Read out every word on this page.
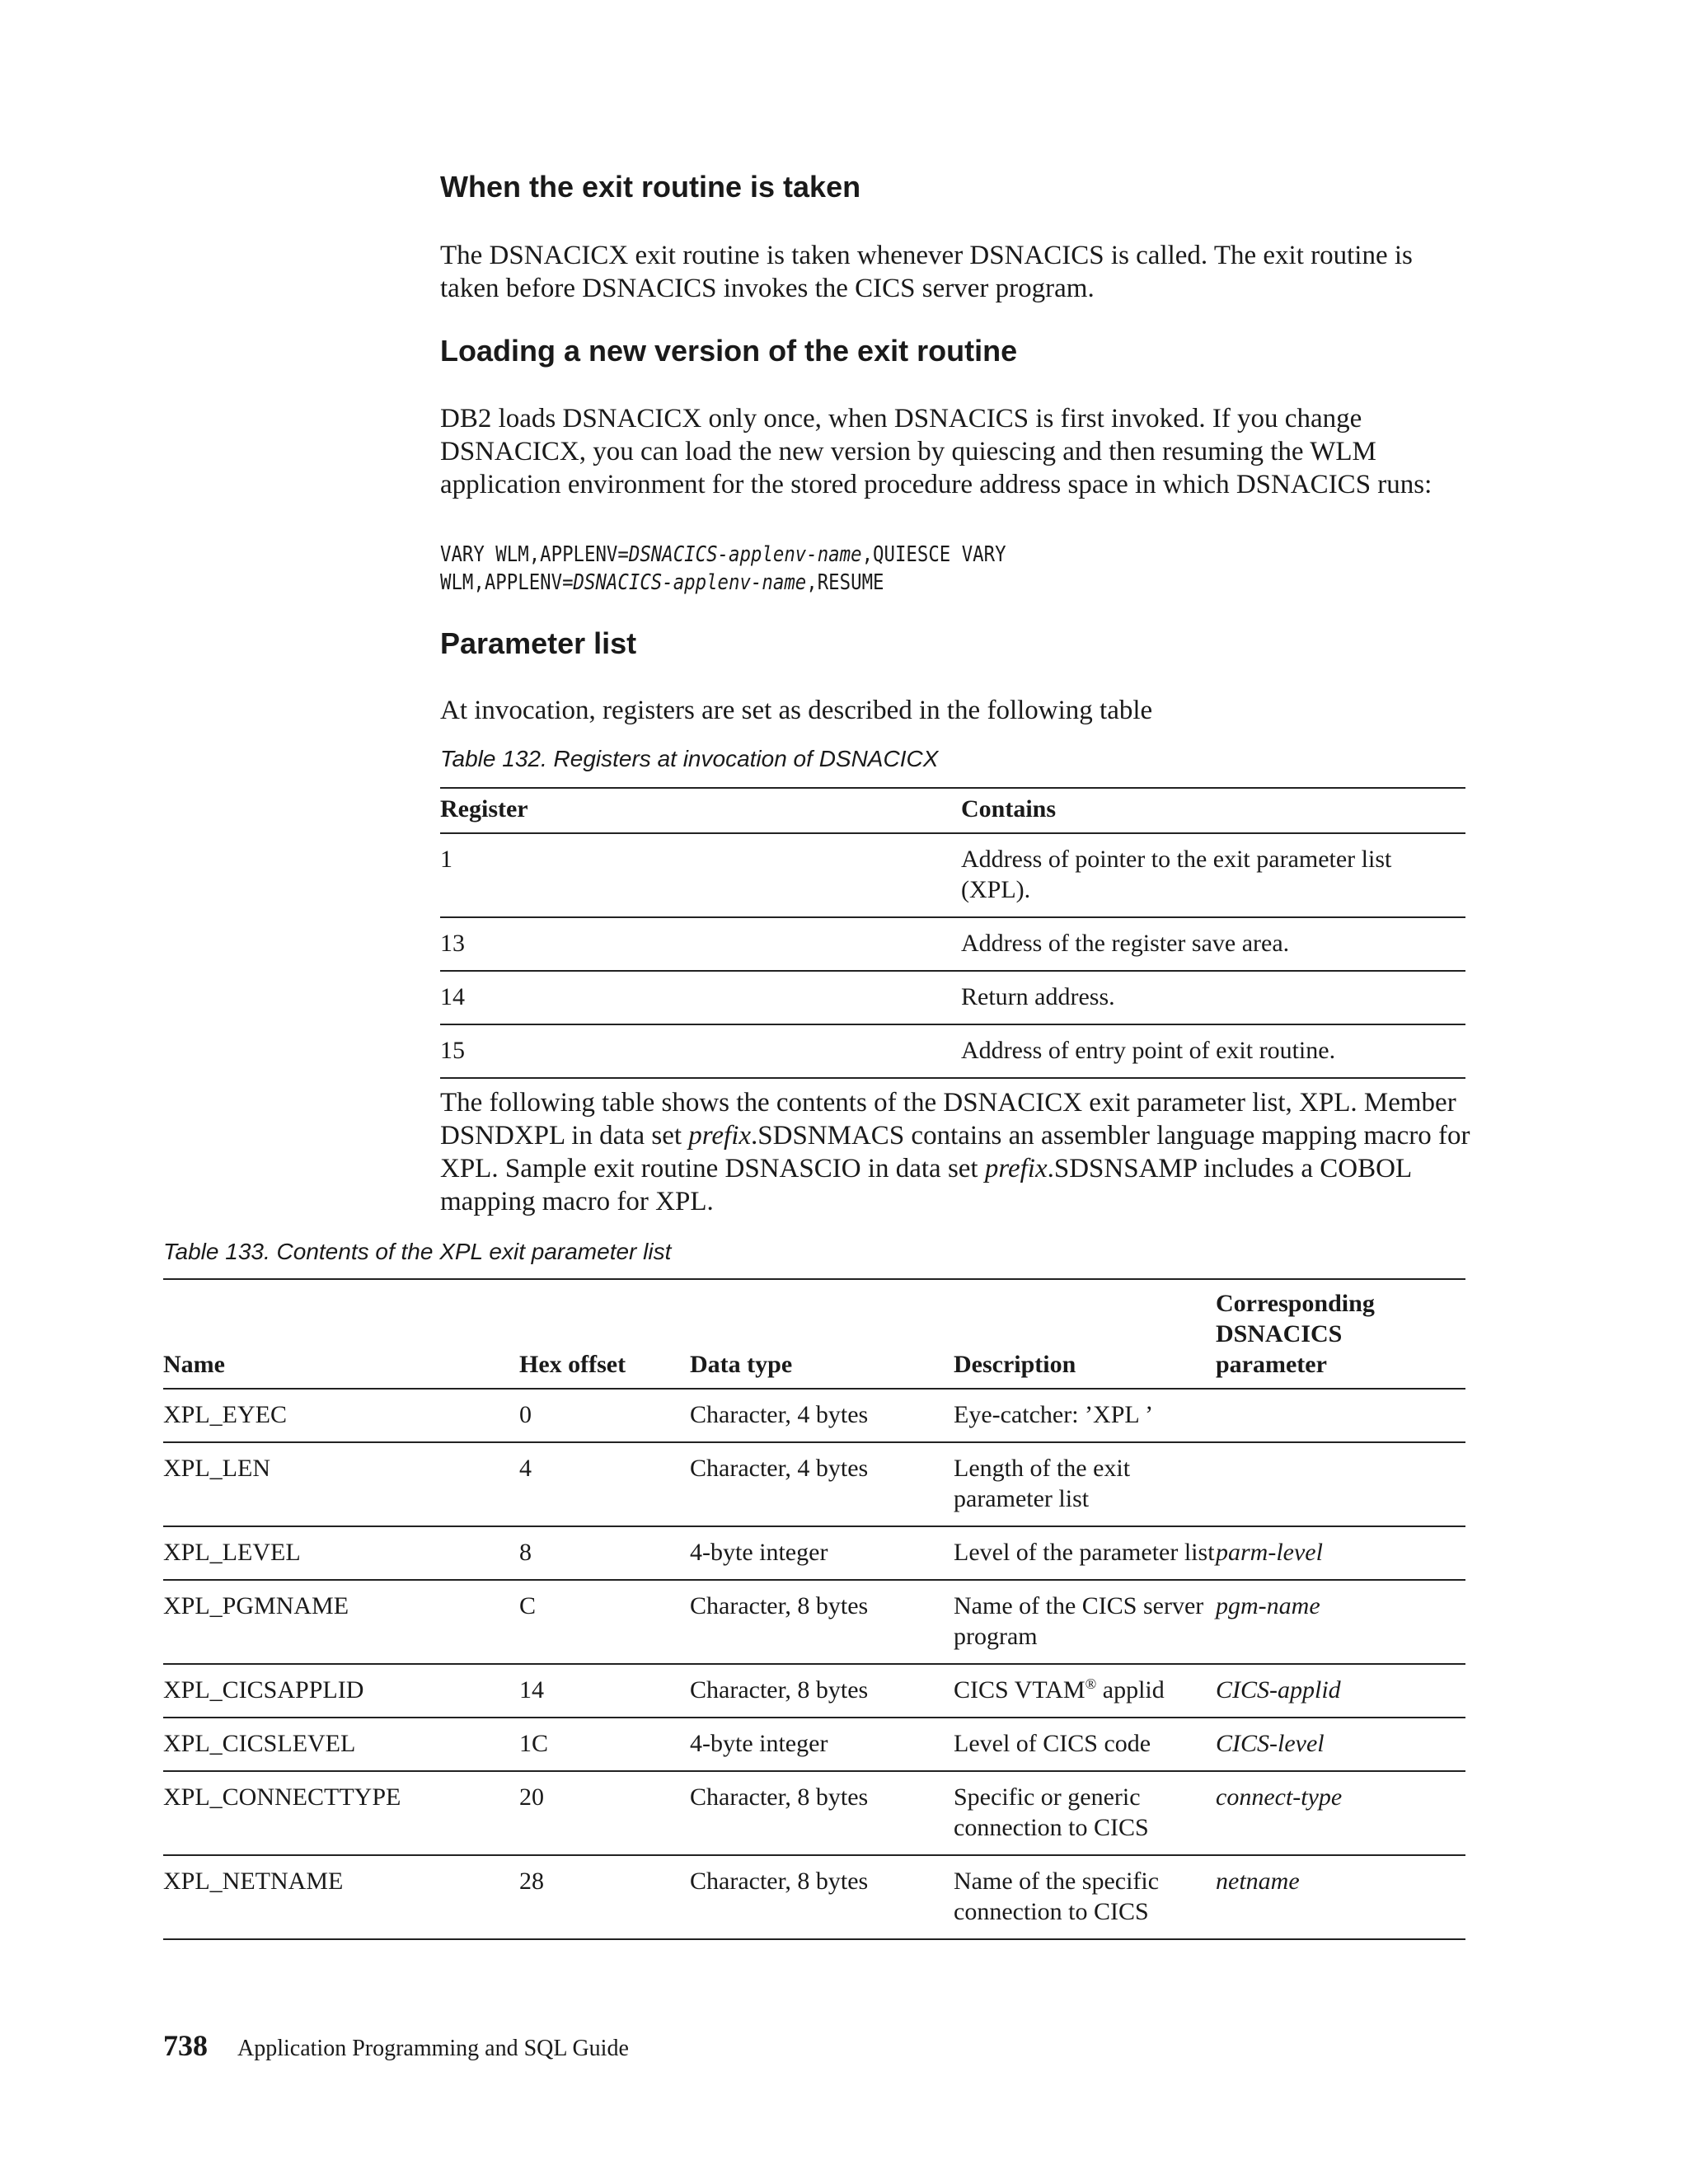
When the exit routine is taken

The DSNACICX exit routine is taken whenever DSNACICS is called. The exit routine is taken before DSNACICS invokes the CICS server program.

Loading a new version of the exit routine

DB2 loads DSNACICX only once, when DSNACICS is first invoked. If you change DSNACICX, you can load the new version by quiescing and then resuming the WLM application environment for the stored procedure address space in which DSNACICS runs:

VARY WLM,APPLENV=DSNACICS-applenv-name,QUIESCE VARY
WLM,APPLENV=DSNACICS-applenv-name,RESUME
Parameter list

At invocation, registers are set as described in the following table

Table 132. Registers at invocation of DSNACICX

Register	Contains
1	Address of pointer to the exit parameter list (XPL).
13	Address of the register save area.
14	Return address.
15	Address of entry point of exit routine.

The following table shows the contents of the DSNACICX exit parameter list, XPL. Member DSNDXPL in data set prefix.SDSNMACS contains an assembler language mapping macro for XPL. Sample exit routine DSNASCIO in data set prefix.SDSNSAMP includes a COBOL mapping macro for XPL.

Table 133. Contents of the XPL exit parameter list

Name	Hex offset	Data type	Description	Corresponding DSNACICS parameter
XPL_EYEC	0	Character, 4 bytes	Eye-catcher: ’XPL ’	
XPL_LEN	4	Character, 4 bytes	Length of the exit parameter list	
XPL_LEVEL	8	4-byte integer	Level of the parameter list	parm-level
XPL_PGMNAME	C	Character, 8 bytes	Name of the CICS server program	pgm-name
XPL_CICSAPPLID	14	Character, 8 bytes	CICS VTAM® applid	CICS-applid
XPL_CICSLEVEL	1C	4-byte integer	Level of CICS code	CICS-level
XPL_CONNECTTYPE	20	Character, 8 bytes	Specific or generic connection to CICS	connect-type
XPL_NETNAME	28	Character, 8 bytes	Name of the specific connection to CICS	netname
738 Application Programming and SQL Guide
